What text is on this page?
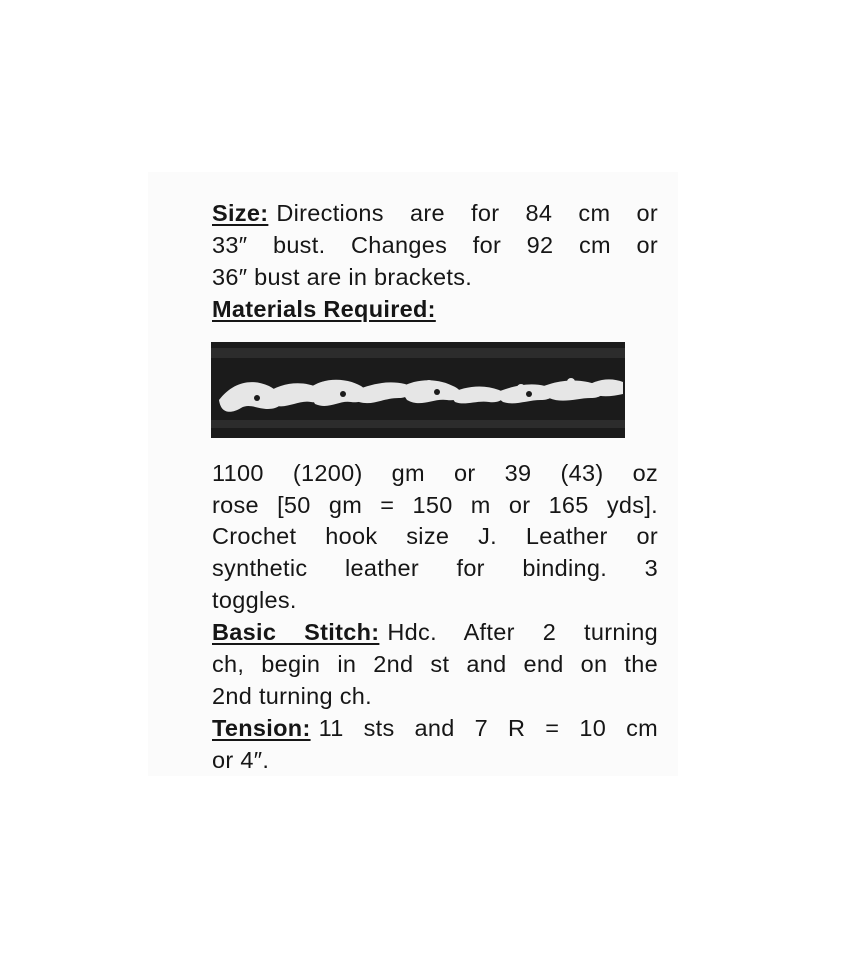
Size: Directions are for 84 cm or
33″ bust. Changes for 92 cm or
36″ bust are in brackets.
Materials Required:
1100 (1200) gm or 39 (43) oz
rose [50 gm = 150 m or 165 yds].
Crochet hook size J. Leather or
synthetic leather for binding. 3
toggles.
Basic Stitch: Hdc. After 2 turning
ch, begin in 2nd st and end on the
2nd turning ch.
Tension: 11 sts and 7 R = 10 cm
or 4″.
